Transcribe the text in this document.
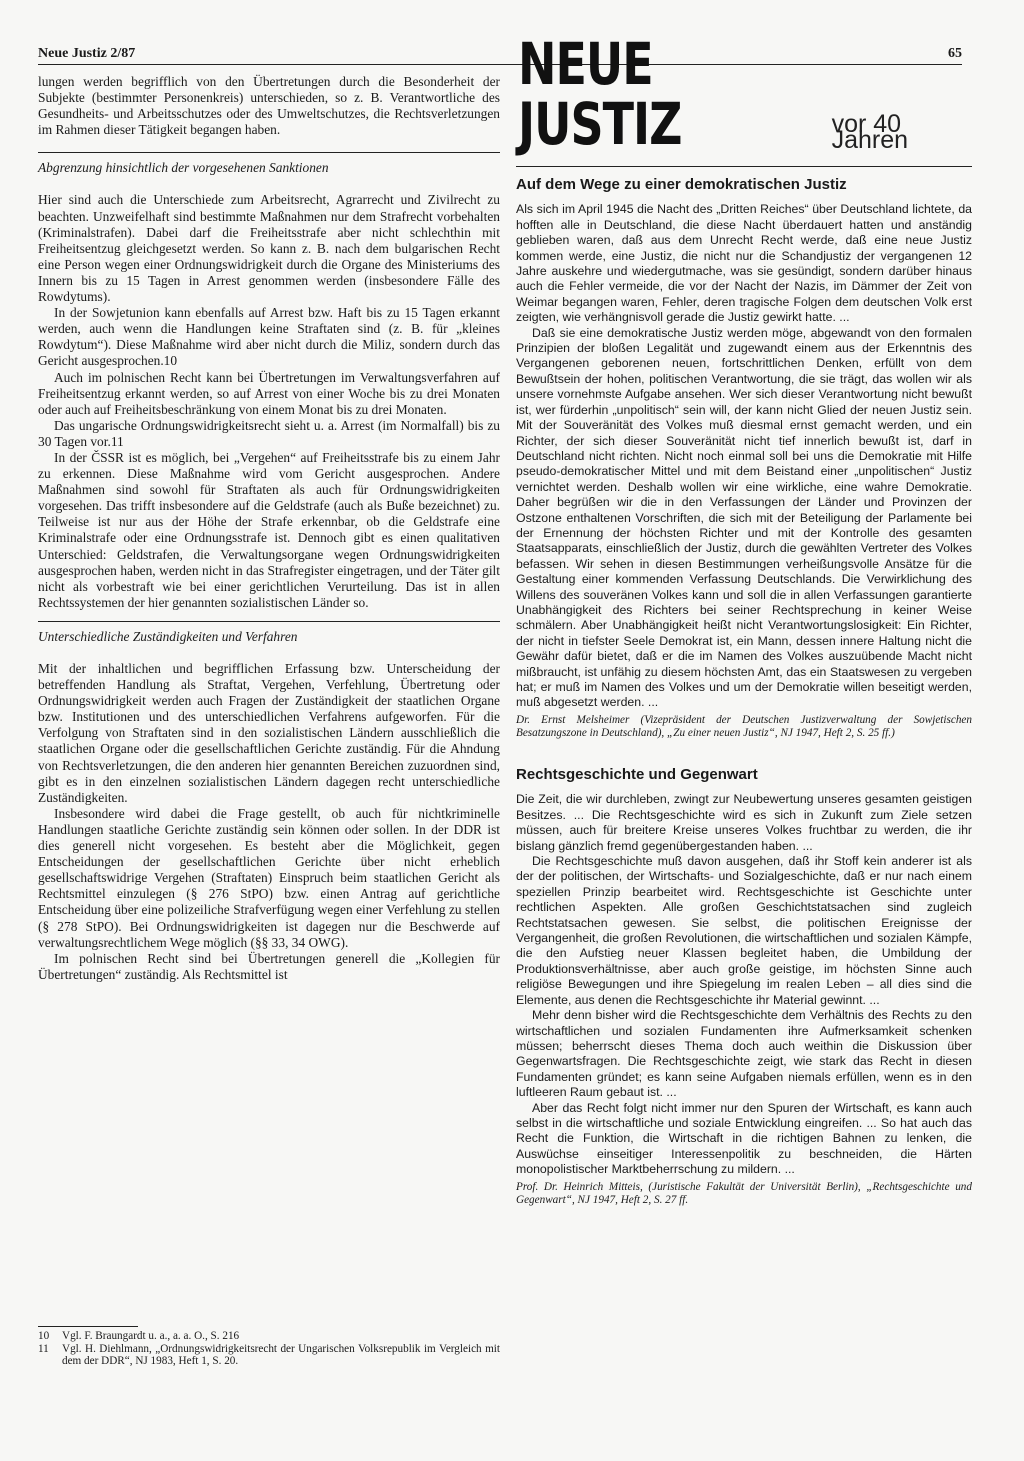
Neue Justiz 2/87	65

lungen werden begrifflich von den Übertretungen durch die Besonderheit der Subjekte (bestimmter Personenkreis) unterschieden, so z. B. Verantwortliche des Gesundheits- und Arbeitsschutzes oder des Umweltschutzes, die Rechtsverletzungen im Rahmen dieser Tätigkeit begangen haben.

Abgrenzung hinsichtlich der vorgesehenen Sanktionen

Hier sind auch die Unterschiede zum Arbeitsrecht, Agrarrecht und Zivilrecht zu beachten. Unzweifelhaft sind bestimmte Maßnahmen nur dem Strafrecht vorbehalten (Kriminalstrafen). Dabei darf die Freiheitsstrafe aber nicht schlechthin mit Freiheitsentzug gleichgesetzt werden. So kann z. B. nach dem bulgarischen Recht eine Person wegen einer Ordnungswidrigkeit durch die Organe des Ministeriums des Innern bis zu 15 Tagen in Arrest genommen werden (insbesondere Fälle des Rowdytums).

In der Sowjetunion kann ebenfalls auf Arrest bzw. Haft bis zu 15 Tagen erkannt werden, auch wenn die Handlungen keine Straftaten sind (z. B. für „kleines Rowdytum“). Diese Maßnahme wird aber nicht durch die Miliz, sondern durch das Gericht ausgesprochen.10

Auch im polnischen Recht kann bei Übertretungen im Verwaltungsverfahren auf Freiheitsentzug erkannt werden, so auf Arrest von einer Woche bis zu drei Monaten oder auch auf Freiheitsbeschränkung von einem Monat bis zu drei Monaten.

Das ungarische Ordnungswidrigkeitsrecht sieht u. a. Arrest (im Normalfall) bis zu 30 Tagen vor.11

In der ČSSR ist es möglich, bei „Vergehen“ auf Freiheitsstrafe bis zu einem Jahr zu erkennen. Diese Maßnahme wird vom Gericht ausgesprochen. Andere Maßnahmen sind sowohl für Straftaten als auch für Ordnungswidrigkeiten vorgesehen. Das trifft insbesondere auf die Geldstrafe (auch als Buße bezeichnet) zu. Teilweise ist nur aus der Höhe der Strafe erkennbar, ob die Geldstrafe eine Kriminalstrafe oder eine Ordnungsstrafe ist. Dennoch gibt es einen qualitativen Unterschied: Geldstrafen, die Verwaltungsorgane wegen Ordnungswidrigkeiten ausgesprochen haben, werden nicht in das Strafregister eingetragen, und der Täter gilt nicht als vorbestraft wie bei einer gerichtlichen Verurteilung. Das ist in allen Rechtssystemen der hier genannten sozialistischen Länder so.

Unterschiedliche Zuständigkeiten und Verfahren

Mit der inhaltlichen und begrifflichen Erfassung bzw. Unterscheidung der betreffenden Handlung als Straftat, Vergehen, Verfehlung, Übertretung oder Ordnungswidrigkeit werden auch Fragen der Zuständigkeit der staatlichen Organe bzw. Institutionen und des unterschiedlichen Verfahrens aufgeworfen. Für die Verfolgung von Straftaten sind in den sozialistischen Ländern ausschließlich die staatlichen Organe oder die gesellschaftlichen Gerichte zuständig. Für die Ahndung von Rechtsverletzungen, die den anderen hier genannten Bereichen zuzuordnen sind, gibt es in den einzelnen sozialistischen Ländern dagegen recht unterschiedliche Zuständigkeiten.

Insbesondere wird dabei die Frage gestellt, ob auch für nichtkriminelle Handlungen staatliche Gerichte zuständig sein können oder sollen. In der DDR ist dies generell nicht vorgesehen. Es besteht aber die Möglichkeit, gegen Entscheidungen der gesellschaftlichen Gerichte über nicht erheblich gesellschaftswidrige Vergehen (Straftaten) Einspruch beim staatlichen Gericht als Rechtsmittel einzulegen (§ 276 StPO) bzw. einen Antrag auf gerichtliche Entscheidung über eine polizeiliche Strafverfügung wegen einer Verfehlung zu stellen (§ 278 StPO). Bei Ordnungswidrigkeiten ist dagegen nur die Beschwerde auf verwaltungsrechtlichem Wege möglich (§§ 33, 34 OWG).

Im polnischen Recht sind bei Übertretungen generell die „Kollegien für Übertretungen“ zuständig. Als Rechtsmittel ist

10	Vgl. F. Braungardt u. a., a. a. O., S. 216
11	Vgl. H. Diehlmann, „Ordnungswidrigkeitsrecht der Ungarischen Volksrepublik im Vergleich mit dem der DDR“, NJ 1983, Heft 1, S. 20.
NEUE JUSTIZ	vor 40 Jahren
Auf dem Wege zu einer demokratischen Justiz

Als sich im April 1945 die Nacht des „Dritten Reiches“ über Deutschland lichtete, da hofften alle in Deutschland, die diese Nacht überdauert hatten und anständig geblieben waren, daß aus dem Unrecht Recht werde, daß eine neue Justiz kommen werde, eine Justiz, die nicht nur die Schandjustiz der vergangenen 12 Jahre auskehre und wiedergutmache, was sie gesündigt, sondern darüber hinaus auch die Fehler vermeide, die vor der Nacht der Nazis, im Dämmer der Zeit von Weimar begangen waren, Fehler, deren tragische Folgen dem deutschen Volk erst zeigten, wie verhängnisvoll gerade die Justiz gewirkt hatte. ...

Daß sie eine demokratische Justiz werden möge, abgewandt von den formalen Prinzipien der bloßen Legalität und zugewandt einem aus der Erkenntnis des Vergangenen geborenen neuen, fortschrittlichen Denken, erfüllt von dem Bewußtsein der hohen, politischen Verantwortung, die sie trägt, das wollen wir als unsere vornehmste Aufgabe ansehen. Wer sich dieser Verantwortung nicht bewußt ist, wer fürderhin „unpolitisch“ sein will, der kann nicht Glied der neuen Justiz sein. Mit der Souveränität des Volkes muß diesmal ernst gemacht werden, und ein Richter, der sich dieser Souveränität nicht tief innerlich bewußt ist, darf in Deutschland nicht richten. Nicht noch einmal soll bei uns die Demokratie mit Hilfe pseudo-demokratischer Mittel und mit dem Beistand einer „unpolitischen“ Justiz vernichtet werden. Deshalb wollen wir eine wirkliche, eine wahre Demokratie. Daher begrüßen wir die in den Verfassungen der Länder und Provinzen der Ostzone enthaltenen Vorschriften, die sich mit der Beteiligung der Parlamente bei der Ernennung der höchsten Richter und mit der Kontrolle des gesamten Staatsapparats, einschließlich der Justiz, durch die gewählten Vertreter des Volkes befassen. Wir sehen in diesen Bestimmungen verheißungsvolle Ansätze für die Gestaltung einer kommenden Verfassung Deutschlands. Die Verwirklichung des Willens des souveränen Volkes kann und soll die in allen Verfassungen garantierte Unabhängigkeit des Richters bei seiner Rechtsprechung in keiner Weise schmälern. Aber Unabhängigkeit heißt nicht Verantwortungslosigkeit: Ein Richter, der nicht in tiefster Seele Demokrat ist, ein Mann, dessen innere Haltung nicht die Gewähr dafür bietet, daß er die im Namen des Volkes auszuübende Macht nicht mißbraucht, ist unfähig zu diesem höchsten Amt, das ein Staatswesen zu vergeben hat; er muß im Namen des Volkes und um der Demokratie willen beseitigt werden, muß abgesetzt werden. ...

Dr. Ernst Melsheimer (Vizepräsident der Deutschen Justizverwaltung der Sowjetischen Besatzungszone in Deutschland), „Zu einer neuen Justiz“, NJ 1947, Heft 2, S. 25 ff.)

Rechtsgeschichte und Gegenwart

Die Zeit, die wir durchleben, zwingt zur Neubewertung unseres gesamten geistigen Besitzes. ... Die Rechtsgeschichte wird es sich in Zukunft zum Ziele setzen müssen, auch für breitere Kreise unseres Volkes fruchtbar zu werden, die ihr bislang gänzlich fremd gegenübergestanden haben. ...

Die Rechtsgeschichte muß davon ausgehen, daß ihr Stoff kein anderer ist als der der politischen, der Wirtschafts- und Sozialgeschichte, daß er nur nach einem speziellen Prinzip bearbeitet wird. Rechtsgeschichte ist Geschichte unter rechtlichen Aspekten. Alle großen Geschichtstatsachen sind zugleich Rechtstatsachen gewesen. Sie selbst, die politischen Ereignisse der Vergangenheit, die großen Revolutionen, die wirtschaftlichen und sozialen Kämpfe, die den Aufstieg neuer Klassen begleitet haben, die Umbildung der Produktionsverhältnisse, aber auch große geistige, im höchsten Sinne auch religiöse Bewegungen und ihre Spiegelung im realen Leben – all dies sind die Elemente, aus denen die Rechtsgeschichte ihr Material gewinnt. ...

Mehr denn bisher wird die Rechtsgeschichte dem Verhältnis des Rechts zu den wirtschaftlichen und sozialen Fundamenten ihre Aufmerksamkeit schenken müssen; beherrscht dieses Thema doch auch weithin die Diskussion über Gegenwartsfragen. Die Rechtsgeschichte zeigt, wie stark das Recht in diesen Fundamenten gründet; es kann seine Aufgaben niemals erfüllen, wenn es in den luftleeren Raum gebaut ist. ...

Aber das Recht folgt nicht immer nur den Spuren der Wirtschaft, es kann auch selbst in die wirtschaftliche und soziale Entwicklung eingreifen. ... So hat auch das Recht die Funktion, die Wirtschaft in die richtigen Bahnen zu lenken, die Auswüchse einseitiger Interessenpolitik zu beschneiden, die Härten monopolistischer Marktbeherrschung zu mildern. ...

Prof. Dr. Heinrich Mitteis, (Juristische Fakultät der Universität Berlin), „Rechtsgeschichte und Gegenwart“, NJ 1947, Heft 2, S. 27 ff.
